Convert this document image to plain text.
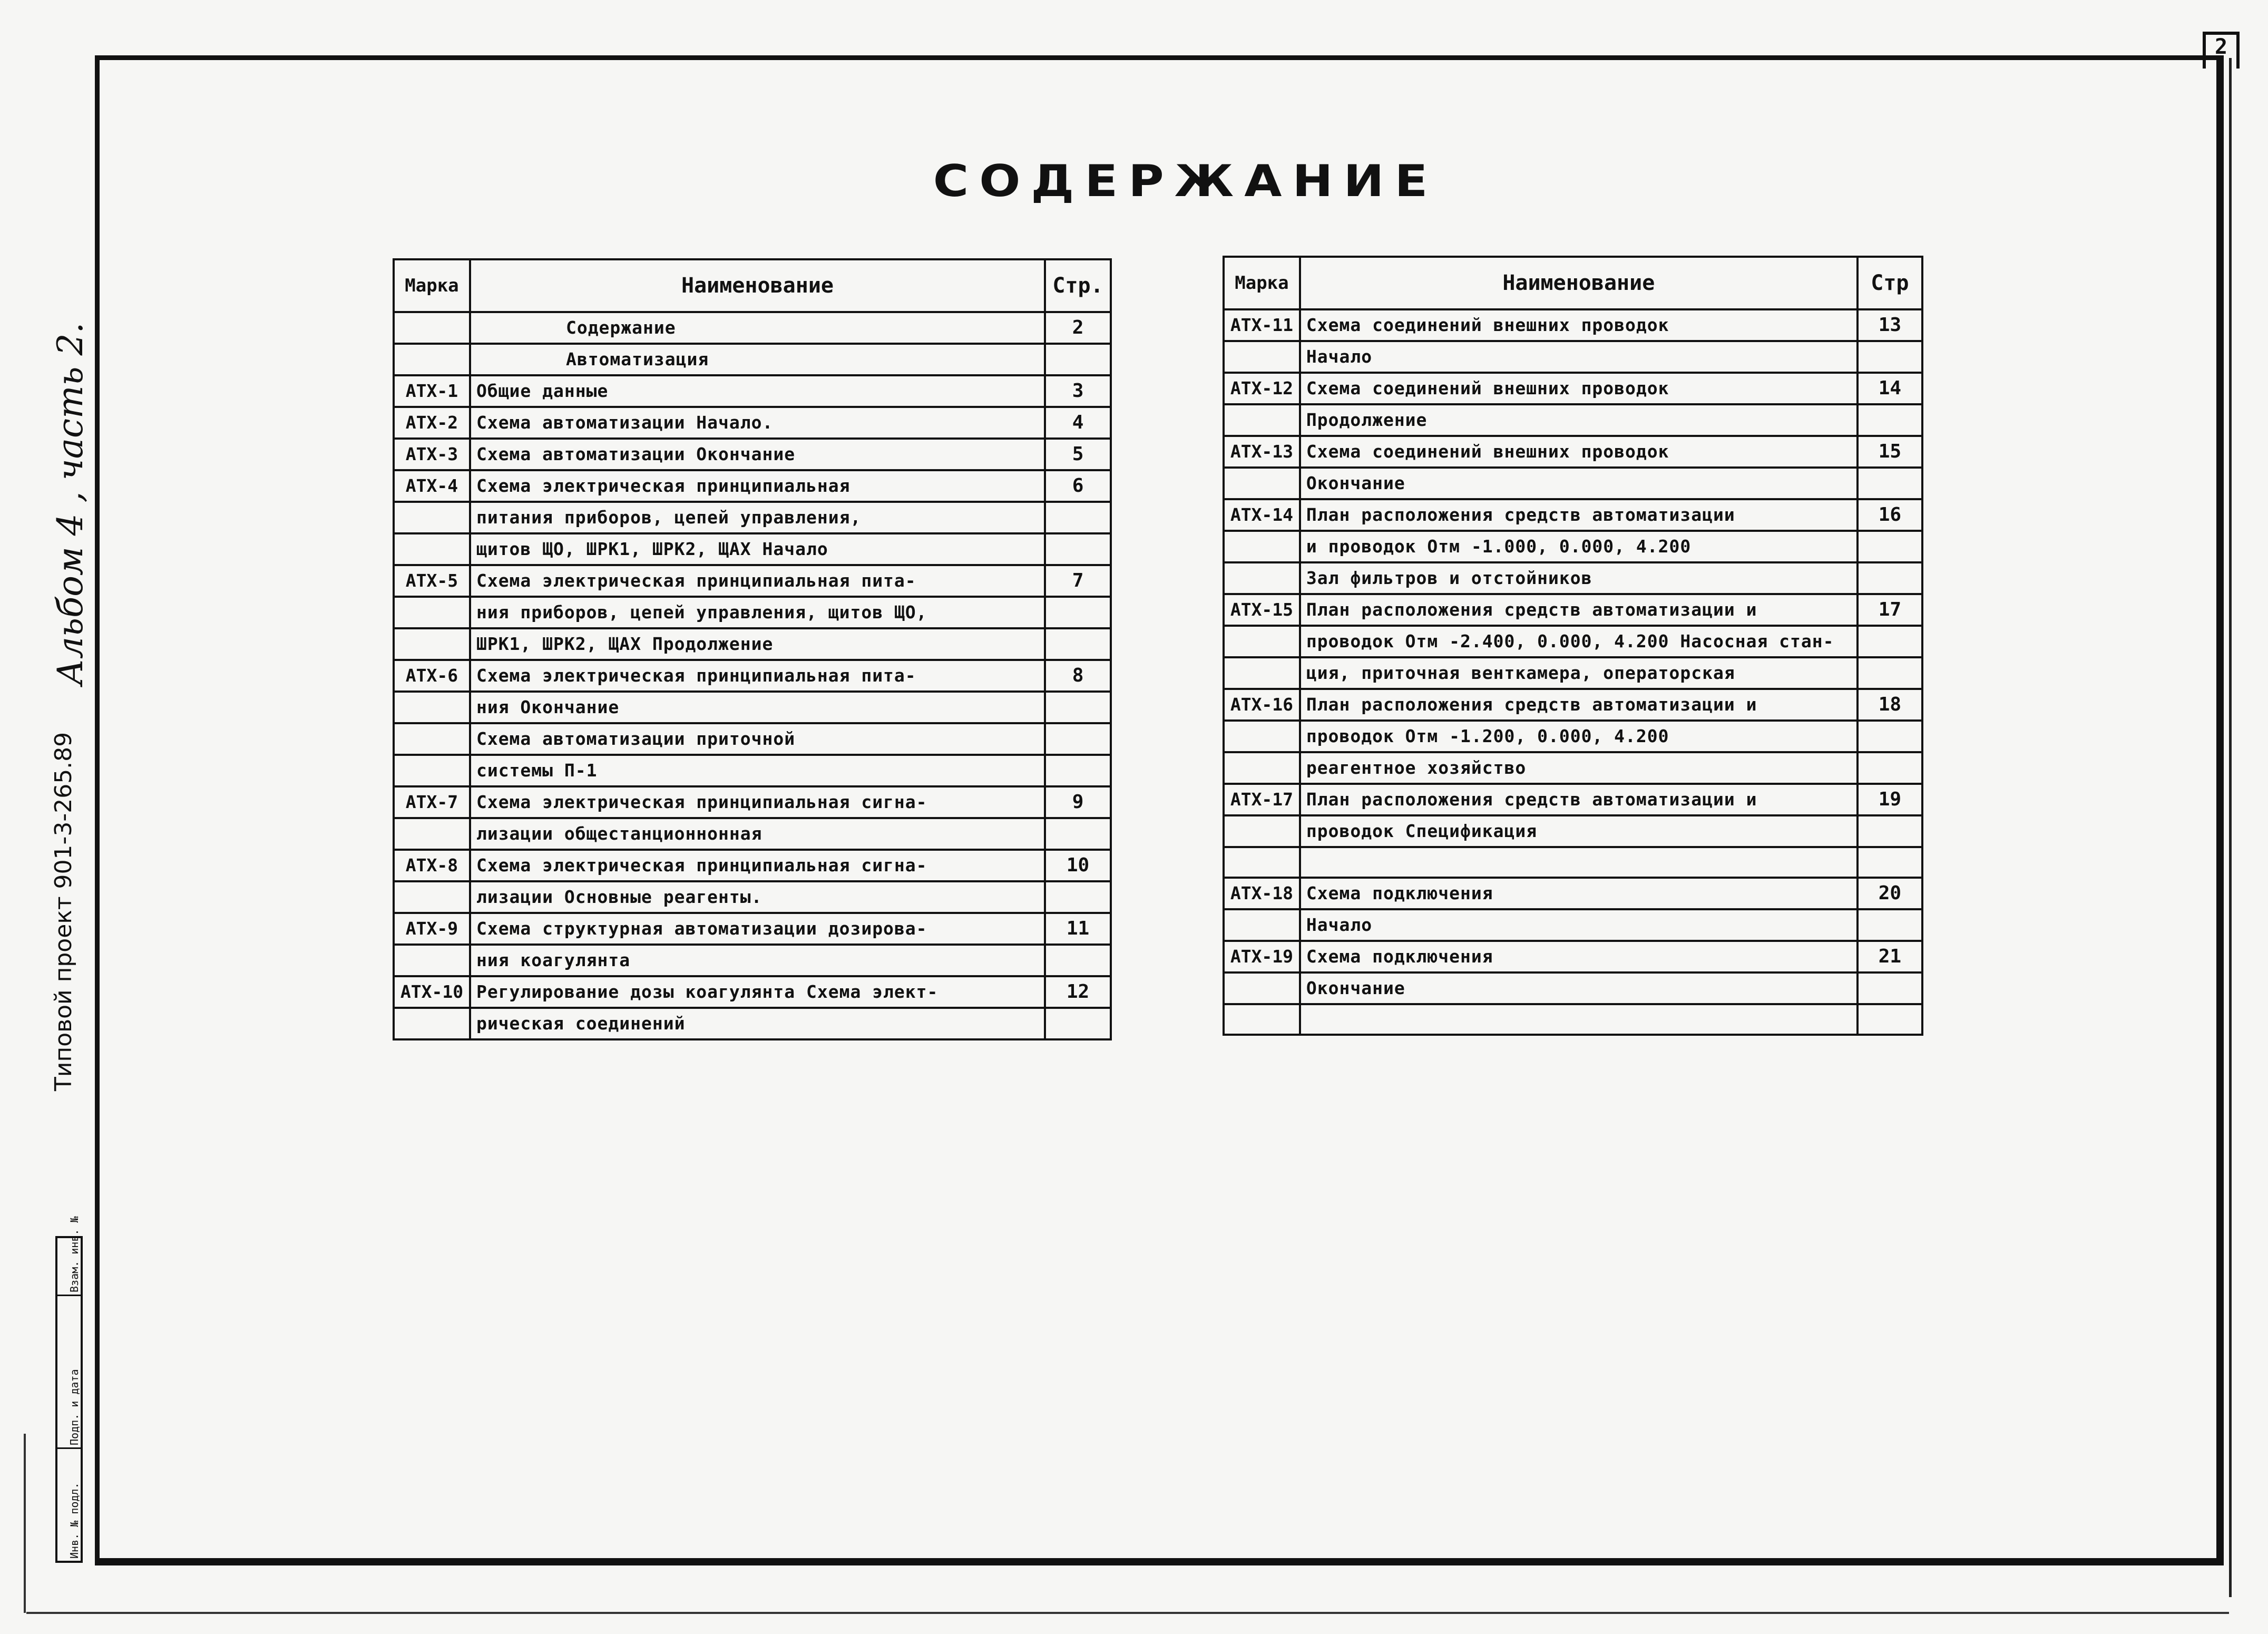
2
СОДЕРЖАНИЕ
Альбом 4 , часть 2.
Типовой проект 901-3-265.89
Взам. инв. №
Подп. и дата
Инв. № подл.
Марка	Наименование	Стр.
	Содержание	2
	Автоматизация	
АТХ-1	Общие данные	3
АТХ-2	Схема автоматизации Начало.	4
АТХ-3	Схема автоматизации Окончание	5
АТХ-4	Схема электрическая принципиальная	6
	питания приборов, цепей управления,	
	щитов ЩО, ШРК1, ШРК2, ЩАХ Начало	
АТХ-5	Схема электрическая принципиальная пита-	7
	ния приборов, цепей управления, щитов ЩО,	
	ШРК1, ШРК2, ЩАХ Продолжение	
АТХ-6	Схема электрическая принципиальная пита-	8
	ния Окончание	
	Схема автоматизации приточной	
	системы П-1	
АТХ-7	Схема электрическая принципиальная сигна-	9
	лизации общестанционнонная	
АТХ-8	Схема электрическая принципиальная сигна-	10
	лизации Основные реагенты.	
АТХ-9	Схема структурная автоматизации дозирова-	11
	ния коагулянта	
АТХ-10	Регулирование дозы коагулянта Схема элект-	12
	рическая соединений	
Марка	Наименование	Стр
АТХ-11	Схема соединений внешних проводок	13
	Начало	
АТХ-12	Схема соединений внешних проводок	14
	Продолжение	
АТХ-13	Схема соединений внешних проводок	15
	Окончание	
АТХ-14	План расположения средств автоматизации	16
	и проводок Отм -1.000, 0.000, 4.200	
	Зал фильтров и отстойников	
АТХ-15	План расположения средств автоматизации и	17
	проводок Отм -2.400, 0.000, 4.200 Насосная стан-	
	ция, приточная венткамера, операторская	
АТХ-16	План расположения средств автоматизации и	18
	проводок Отм -1.200, 0.000, 4.200	
	реагентное хозяйство	
АТХ-17	План расположения средств автоматизации и	19
	проводок Спецификация	

АТХ-18	Схема подключения	20
	Начало	
АТХ-19	Схема подключения	21
	Окончание	
